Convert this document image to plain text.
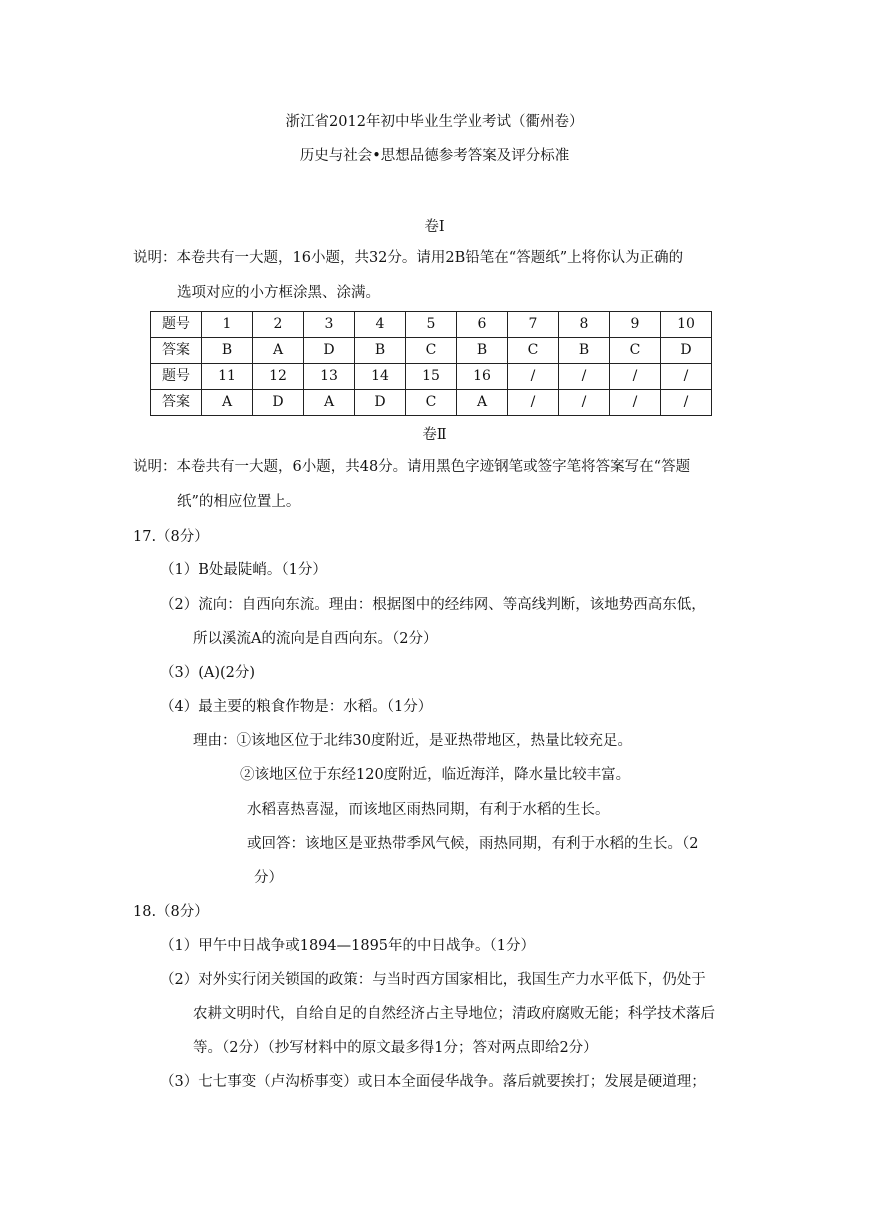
浙江省2012年初中毕业生学业考试（衢州卷）
历史与社会•思想品德参考答案及评分标准
卷Ⅰ
说明：本卷共有一大题，16小题，共32分。请用2B铅笔在“答题纸”上将你认为正确的
选项对应的小方框涂黑、涂满。
题号	1	2	3	4	5	6	7	8	9	10
答案	B	A	D	B	C	B	C	B	C	D
题号	11	12	13	14	15	16	/	/	/	/
答案	A	D	A	D	C	A	/	/	/	/
卷Ⅱ
说明：本卷共有一大题，6小题，共48分。请用黑色字迹钢笔或签字笔将答案写在“答题
纸”的相应位置上。
17.（8分）
（1）B处最陡峭。（1分）
（2）流向：自西向东流。理由：根据图中的经纬网、等高线判断，该地势西高东低，
所以溪流A的流向是自西向东。（2分）
（3）(A)(2分)
（4）最主要的粮食作物是：水稻。（1分）
理由：①该地区位于北纬30度附近，是亚热带地区，热量比较充足。
②该地区位于东经120度附近，临近海洋，降水量比较丰富。
水稻喜热喜湿，而该地区雨热同期，有利于水稻的生长。
或回答：该地区是亚热带季风气候，雨热同期，有利于水稻的生长。（2
分）
18.（8分）
（1）甲午中日战争或1894—1895年的中日战争。（1分）
（2）对外实行闭关锁国的政策：与当时西方国家相比，我国生产力水平低下，仍处于
农耕文明时代，自给自足的自然经济占主导地位；清政府腐败无能；科学技术落后
等。（2分）（抄写材料中的原文最多得1分；答对两点即给2分）
（3）七七事变（卢沟桥事变）或日本全面侵华战争。落后就要挨打；发展是硬道理；
